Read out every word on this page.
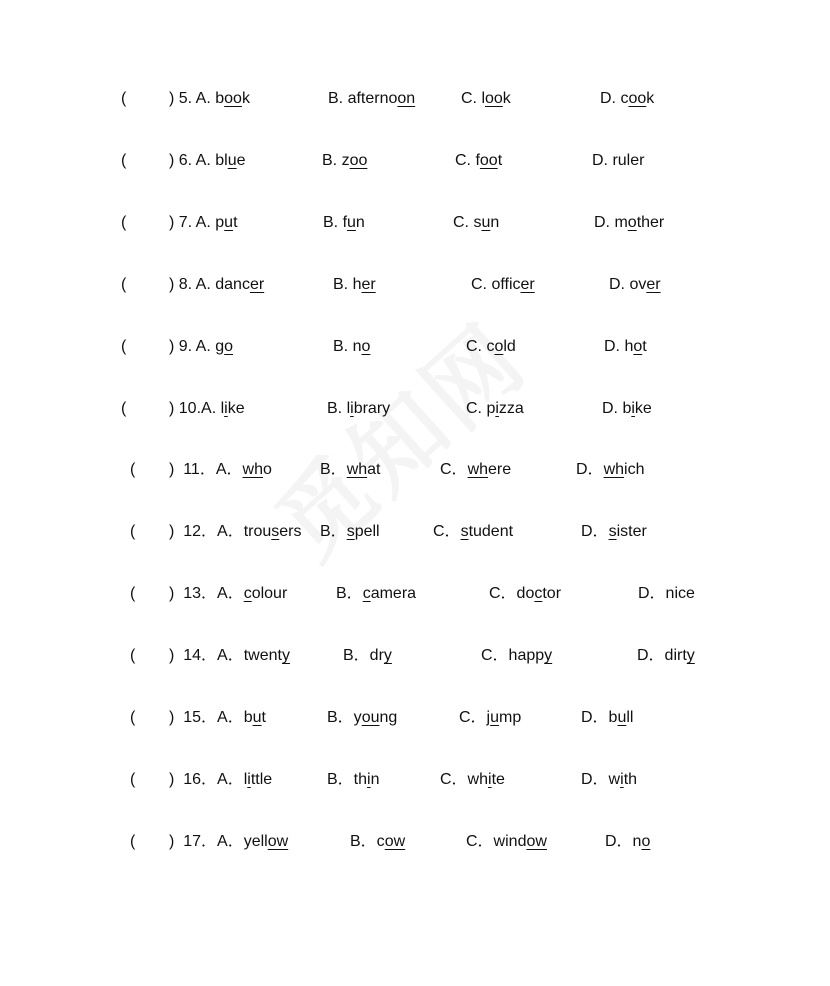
(	) 5. A. book	B. afternoon	C. look	D. cook
(	) 6. A. blue	B. zoo	C. foot	D. ruler
(	) 7. A. put	B. fun	C. sun	D. mother
(	) 8. A. dancer	B. her	C. officer	D. over
(	) 9. A. go	B. no	C. cold	D. hot
(	) 10.A. like	B. library	C. pizza	D. bike
( )  11．A． who	B．what	C．where	D．which
( )  12．A． trousers B．spell	C．student	D．sister
( )  13．A． colour	B．camera	C．doctor	D．nice
( )  14．A． twenty	B．dry	C．happy	D．dirty
( )  15．A． but	B．young	C．jump	D．bull
( )  16．A． little	B．thin	C．white	D．with
( )  17．A． yellow	B．cow	C．window	D．no
